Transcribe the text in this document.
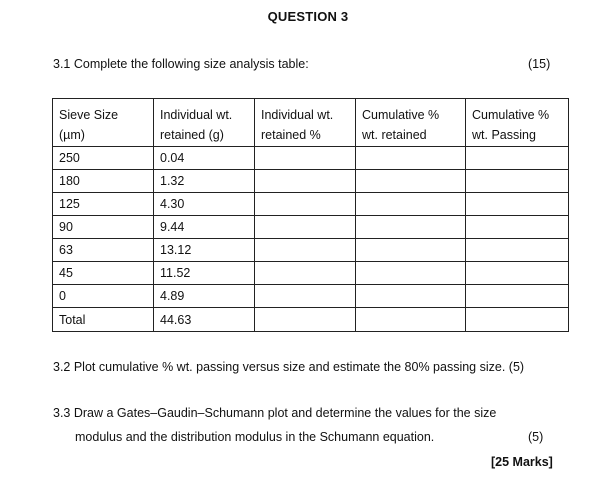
QUESTION 3
3.1 Complete the following size analysis table:	(15)
Sieve Size	Individual wt.	Individual wt.	Cumulative %	Cumulative %
(µm)	retained (g)	retained %	wt. retained	wt. Passing
250	0.04			
180	1.32			
125	4.30			
90	9.44			
63	13.12			
45	11.52			
0	4.89			
Total	44.63			
3.2 Plot cumulative % wt. passing versus size and estimate the 80% passing size. (5)
3.3 Draw a Gates–Gaudin–Schumann plot and determine the values for the size
modulus and the distribution modulus in the Schumann equation.	(5)
[25 Marks]
